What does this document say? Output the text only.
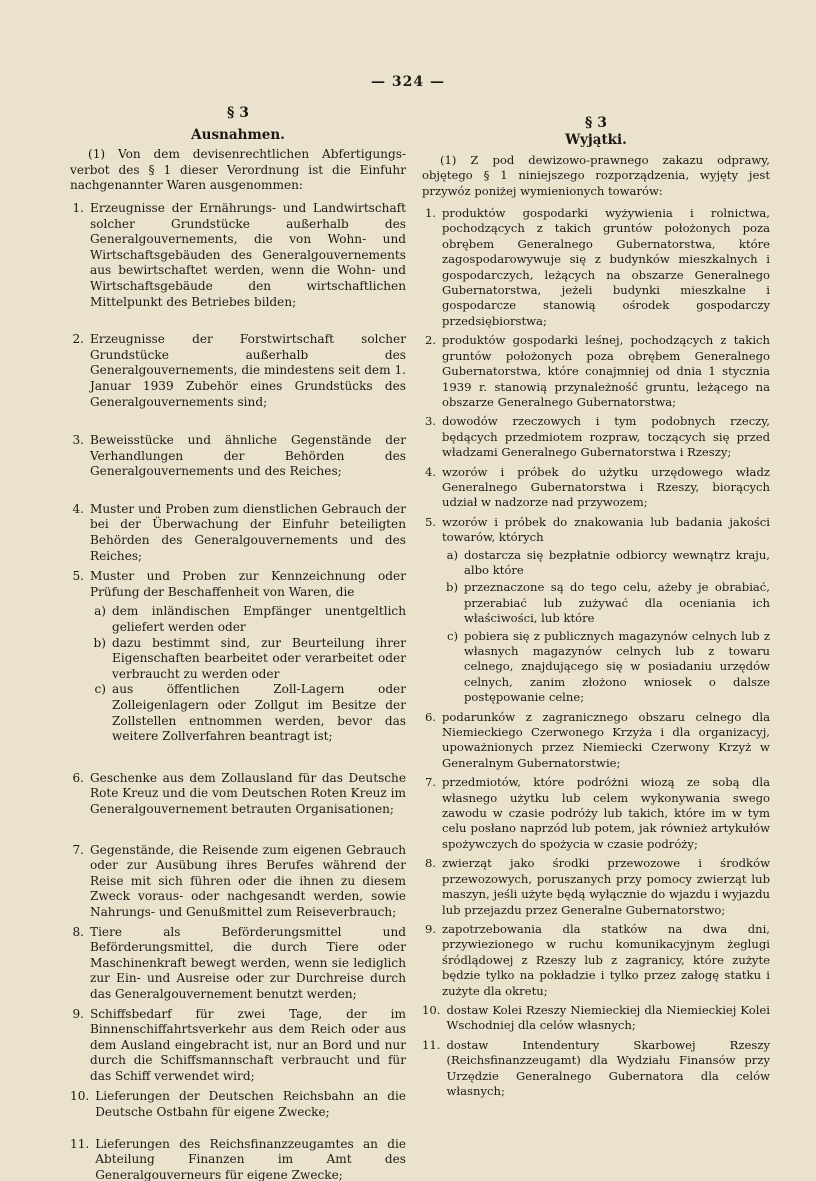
— 324 —
§ 3
Ausnahmen.
(1) Von dem devisenrechtlichen Abfertigungs-verbot des § 1 dieser Verordnung ist die Einfuhr nachgenannter Waren ausgenommen:
1. Erzeugnisse der Ernährungs- und Landwirtschaft solcher Grundstücke außerhalb des Generalgouvernements, die von Wohn- und Wirtschaftsgebäuden des Generalgouvernements aus bewirtschaftet werden, wenn die Wohn- und Wirtschaftsgebäude den wirtschaftlichen Mittelpunkt des Betriebes bilden;
2. Erzeugnisse der Forstwirtschaft solcher Grundstücke außerhalb des Generalgouvernements, die mindestens seit dem 1. Januar 1939 Zubehör eines Grundstücks des Generalgouvernements sind;
3. Beweisstücke und ähnliche Gegenstände der Verhandlungen der Behörden des Generalgouvernements und des Reiches;
4. Muster und Proben zum dienstlichen Gebrauch der bei der Überwachung der Einfuhr beteiligten Behörden des Generalgouvernements und des Reiches;
5. Muster und Proben zur Kennzeichnung oder Prüfung der Beschaffenheit von Waren, die
a) dem inländischen Empfänger unentgeltlich geliefert werden oder
b) dazu bestimmt sind, zur Beurteilung ihrer Eigenschaften bearbeitet oder verarbeitet oder verbraucht zu werden oder
c) aus öffentlichen Zoll-Lagern oder Zolleigenlagern oder Zollgut im Besitze der Zollstellen entnommen werden, bevor das weitere Zollverfahren beantragt ist;
6. Geschenke aus dem Zollausland für das Deutsche Rote Kreuz und die vom Deutschen Roten Kreuz im Generalgouvernement betrauten Organisationen;
7. Gegenstände, die Reisende zum eigenen Gebrauch oder zur Ausübung ihres Berufes während der Reise mit sich führen oder die ihnen zu diesem Zweck voraus- oder nachgesandt werden, sowie Nahrungs- und Genußmittel zum Reiseverbrauch;
8. Tiere als Beförderungsmittel und Beförderungsmittel, die durch Tiere oder Maschinenkraft bewegt werden, wenn sie lediglich zur Ein- und Ausreise oder zur Durchreise durch das Generalgouvernement benutzt werden;
9. Schiffsbedarf für zwei Tage, der im Binnenschiffahrtsverkehr aus dem Reich oder aus dem Ausland eingebracht ist, nur an Bord und nur durch die Schiffsmannschaft verbraucht und für das Schiff verwendet wird;
10. Lieferungen der Deutschen Reichsbahn an die Deutsche Ostbahn für eigene Zwecke;
11. Lieferungen des Reichsfinanzzeugamtes an die Abteilung Finanzen im Amt des Generalgouverneurs für eigene Zwecke;
§ 3
Wyjątki.
(1) Z pod dewizowo-prawnego zakazu odprawy, objętego § 1 niniejszego rozporządzenia, wyjęty jest przywóz poniżej wymienionych towarów:
1. produktów gospodarki wyżywienia i rolnictwa, pochodzących z takich gruntów położonych poza obrębem Generalnego Gubernatorstwa, które zagospodarowywuje się z budynków mieszkalnych i gospodarczych, leżących na obszarze Generalnego Gubernatorstwa, jeżeli budynki mieszkalne i gospodarcze stanowią ośrodek gospodarczy przedsiębiorstwa;
2. produktów gospodarki leśnej, pochodzących z takich gruntów położonych poza obrębem Generalnego Gubernatorstwa, które conajmniej od dnia 1 stycznia 1939 r. stanowią przynależność gruntu, leżącego na obszarze Generalnego Gubernatorstwa;
3. dowodów rzeczowych i tym podobnych rzeczy, będących przedmiotem rozpraw, toczących się przed władzami Generalnego Gubernatorstwa i Rzeszy;
4. wzorów i próbek do użytku urzędowego władz Generalnego Gubernatorstwa i Rzeszy, biorących udział w nadzorze nad przywozem;
5. wzorów i próbek do znakowania lub badania jakości towarów, których
a) dostarcza się bezpłatnie odbiorcy wewnątrz kraju, albo które
b) przeznaczone są do tego celu, ażeby je obrabiać, przerabiać lub zużywać dla oceniania ich właściwości, lub które
c) pobiera się z publicznych magazynów celnych lub z własnych magazynów celnych lub z towaru celnego, znajdującego się w posiadaniu urzędów celnych, zanim złożono wniosek o dalsze postępowanie celne;
6. podarunków z zagranicznego obszaru celnego dla Niemieckiego Czerwonego Krzyża i dla organizacyj, upoważnionych przez Niemiecki Czerwony Krzyż w Generalnym Gubernatorstwie;
7. przedmiotów, które podróżni wiozą ze sobą dla własnego użytku lub celem wykonywania swego zawodu w czasie podróży lub takich, które im w tym celu posłano naprzód lub potem, jak również artykułów spożywczych do spożycia w czasie podróży;
8. zwierząt jako środki przewozowe i środków przewozowych, poruszanych przy pomocy zwierząt lub maszyn, jeśli użyte będą wyłącznie do wjazdu i wyjazdu lub przejazdu przez Generalne Gubernatorstwo;
9. zapotrzebowania dla statków na dwa dni, przywiezionego w ruchu komunikacyjnym żeglugi śródlądowej z Rzeszy lub z zagranicy, które zużyte będzie tylko na pokładzie i tylko przez załogę statku i zużyte dla okretu;
10. dostaw Kolei Rzeszy Niemieckiej dla Niemieckiej Kolei Wschodniej dla celów własnych;
11. dostaw Intendentury Skarbowej Rzeszy (Reichsfinanzzeugamt) dla Wydziału Finansów przy Urzędzie Generalnego Gubernatora dla celów własnych;
